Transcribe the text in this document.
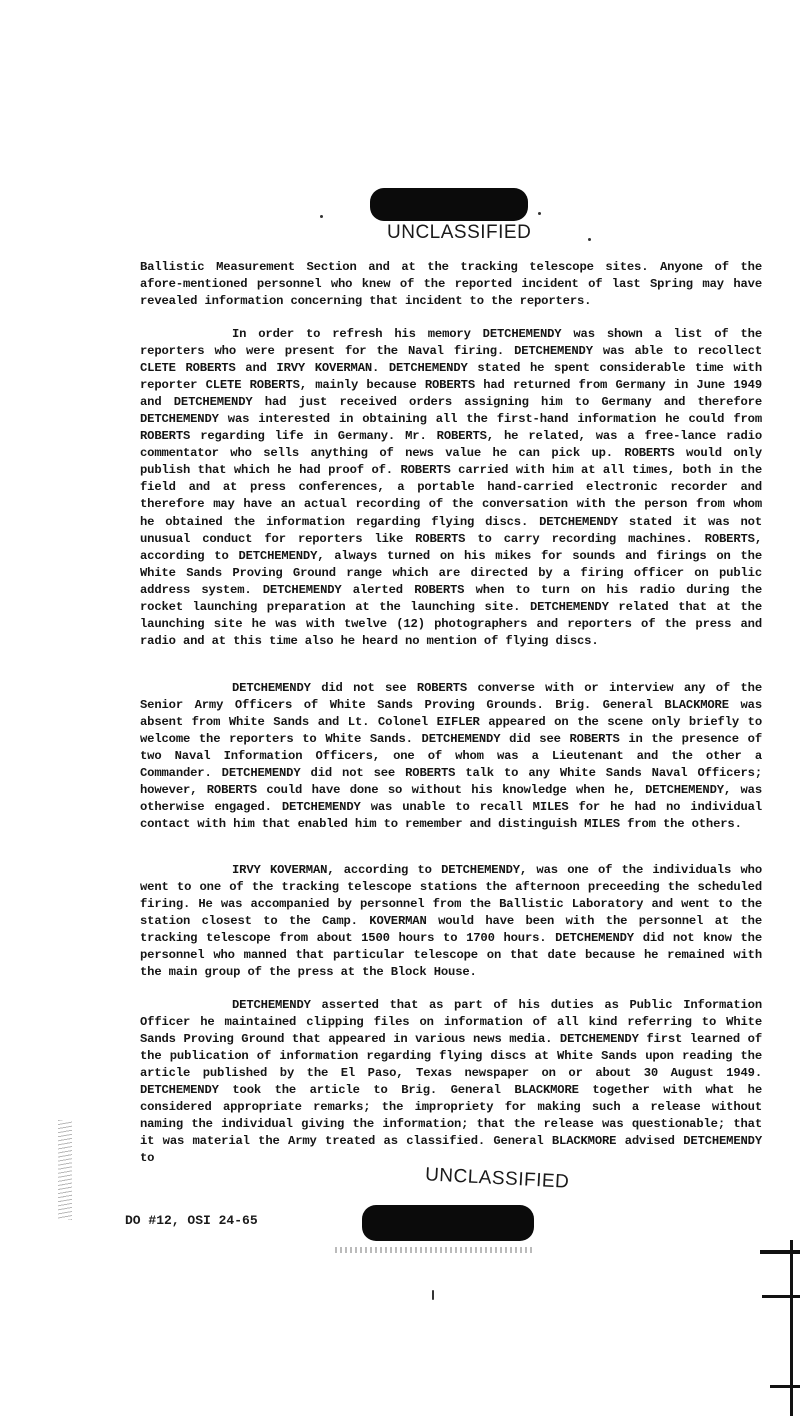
UNCLASSIFIED

Ballistic Measurement Section and at the tracking telescope sites. Anyone of the afore-mentioned personnel who knew of the reported incident of last Spring may have revealed information concerning that incident to the reporters.

In order to refresh his memory DETCHEMENDY was shown a list of the reporters who were present for the Naval firing. DETCHEMENDY was able to recollect CLETE ROBERTS and IRVY KOVERMAN. DETCHEMENDY stated he spent considerable time with reporter CLETE ROBERTS, mainly because ROBERTS had returned from Germany in June 1949 and DETCHEMENDY had just received orders assigning him to Germany and therefore DETCHEMENDY was interested in obtaining all the first-hand information he could from ROBERTS regarding life in Germany. Mr. ROBERTS, he related, was a free-lance radio commentator who sells anything of news value he can pick up. ROBERTS would only publish that which he had proof of. ROBERTS carried with him at all times, both in the field and at press conferences, a portable hand-carried electronic recorder and therefore may have an actual recording of the conversation with the person from whom he obtained the information regarding flying discs. DETCHEMENDY stated it was not unusual conduct for reporters like ROBERTS to carry recording machines. ROBERTS, according to DETCHEMENDY, always turned on his mikes for sounds and firings on the White Sands Proving Ground range which are directed by a firing officer on public address system. DETCHEMENDY alerted ROBERTS when to turn on his radio during the rocket launching preparation at the launching site. DETCHEMENDY related that at the launching site he was with twelve (12) photographers and reporters of the press and radio and at this time also he heard no mention of flying discs.

DETCHEMENDY did not see ROBERTS converse with or interview any of the Senior Army Officers of White Sands Proving Grounds. Brig. General BLACKMORE was absent from White Sands and Lt. Colonel EIFLER appeared on the scene only briefly to welcome the reporters to White Sands. DETCHEMENDY did see ROBERTS in the presence of two Naval Information Officers, one of whom was a Lieutenant and the other a Commander. DETCHEMENDY did not see ROBERTS talk to any White Sands Naval Officers; however, ROBERTS could have done so without his knowledge when he, DETCHEMENDY, was otherwise engaged. DETCHEMENDY was unable to recall MILES for he had no individual contact with him that enabled him to remember and distinguish MILES from the others.

IRVY KOVERMAN, according to DETCHEMENDY, was one of the individuals who went to one of the tracking telescope stations the afternoon preceeding the scheduled firing. He was accompanied by personnel from the Ballistic Laboratory and went to the station closest to the Camp. KOVERMAN would have been with the personnel at the tracking telescope from about 1500 hours to 1700 hours. DETCHEMENDY did not know the personnel who manned that particular telescope on that date because he remained with the main group of the press at the Block House.

DETCHEMENDY asserted that as part of his duties as Public Information Officer he maintained clipping files on information of all kind referring to White Sands Proving Ground that appeared in various news media. DETCHEMENDY first learned of the publication of information regarding flying discs at White Sands upon reading the article published by the El Paso, Texas newspaper on or about 30 August 1949. DETCHEMENDY took the article to Brig. General BLACKMORE together with what he considered appropriate remarks; the impropriety for making such a release without naming the individual giving the information; that the release was questionable; that it was material the Army treated as classified. General BLACKMORE advised DETCHEMENDY to

UNCLASSIFIED
DO #12, OSI 24-65
